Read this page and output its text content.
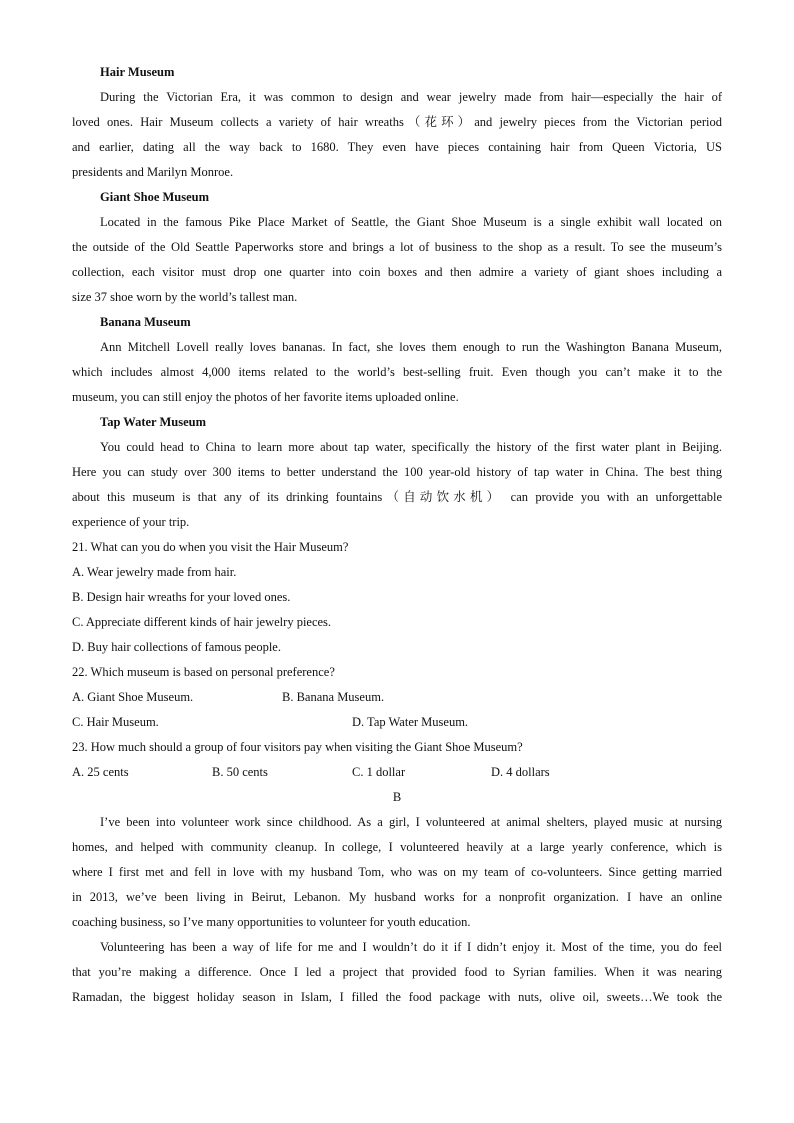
Hair Museum
During the Victorian Era, it was common to design and wear jewelry made from hair—especially the hair of
loved ones. Hair Museum collects a variety of hair wreaths（花环）and jewelry pieces from the Victorian period
and earlier, dating all the way back to 1680. They even have pieces containing hair from Queen Victoria, US
presidents and Marilyn Monroe.
Giant Shoe Museum
Located in the famous Pike Place Market of Seattle, the Giant Shoe Museum is a single exhibit wall located on
the outside of the Old Seattle Paperworks store and brings a lot of business to the shop as a result. To see the museum’s
collection, each visitor must drop one quarter into coin boxes and then admire a variety of giant shoes including a
size 37 shoe worn by the world’s tallest man.
Banana Museum
Ann Mitchell Lovell really loves bananas. In fact, she loves them enough to run the Washington Banana Museum,
which includes almost 4,000 items related to the world’s best-selling fruit. Even though you can’t make it to the
museum, you can still enjoy the photos of her favorite items uploaded online.
Tap Water Museum
You could head to China to learn more about tap water, specifically the history of the first water plant in Beijing.
Here you can study over 300 items to better understand the 100 year-old history of tap water in China. The best thing
about this museum is that any of its drinking fountains（自动饮水机） can provide you with an unforgettable
experience of your trip.
21. What can you do when you visit the Hair Museum?
A. Wear jewelry made from hair.
B. Design hair wreaths for your loved ones.
C. Appreciate different kinds of hair jewelry pieces.
D. Buy hair collections of famous people.
22. Which museum is based on personal preference?
A. Giant Shoe Museum.	B. Banana Museum.
C. Hair Museum.	D. Tap Water Museum.
23. How much should a group of four visitors pay when visiting the Giant Shoe Museum?
A. 25 cents	B. 50 cents	C. 1 dollar	D. 4 dollars
B
I’ve been into volunteer work since childhood. As a girl, I volunteered at animal shelters, played music at nursing
homes, and helped with community cleanup. In college, I volunteered heavily at a large yearly conference, which is
where I first met and fell in love with my husband Tom, who was on my team of co-volunteers. Since getting married
in 2013, we’ve been living in Beirut, Lebanon. My husband works for a nonprofit organization. I have an online
coaching business, so I’ve many opportunities to volunteer for youth education.
Volunteering has been a way of life for me and I wouldn’t do it if I didn’t enjoy it. Most of the time, you do feel
that you’re making a difference. Once I led a project that provided food to Syrian families. When it was nearing
Ramadan, the biggest holiday season in Islam, I filled the food package with nuts, olive oil, sweets…We took the
